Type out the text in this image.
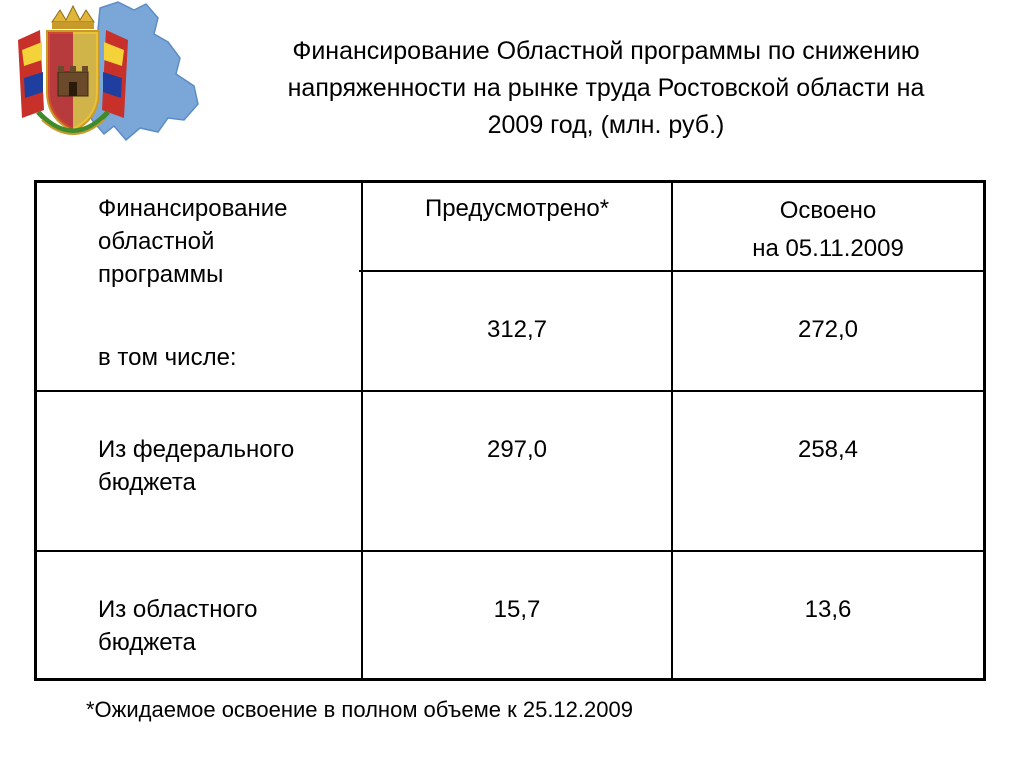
Финансирование Областной программы по снижению
напряженности на рынке труда Ростовской области на
2009 год, (млн. руб.)
Финансирование
областной
программы
в том числе:
Предусмотрено*	Освоено
на 05.11.2009
312,7	272,0
Из федерального
бюджета
297,0	258,4
Из областного
бюджета
15,7	13,6
*Ожидаемое освоение в полном объеме к 25.12.2009
